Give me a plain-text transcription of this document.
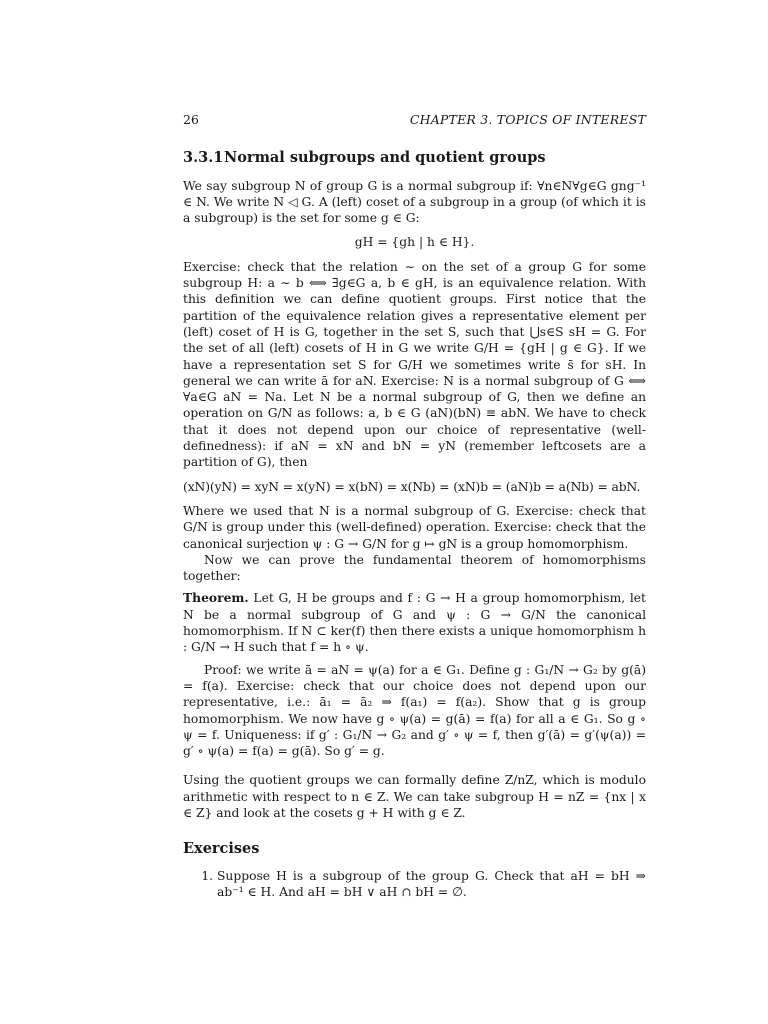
26	CHAPTER 3. TOPICS OF INTEREST
3.3.1Normal subgroups and quotient groups

We say subgroup N of group G is a normal subgroup if: ∀n∈N∀g∈G gng⁻¹ ∈ N. We write N ◁ G. A (left) coset of a subgroup in a group (of which it is a subgroup) is the set for some g ∈ G:

gH = {gh | h ∈ H}.

Exercise: check that the relation ∼ on the set of a group G for some subgroup H: a ∼ b ⟺ ∃g∈G a, b ∈ gH, is an equivalence relation. With this definition we can define quotient groups. First notice that the partition of the equivalence relation gives a representative element per (left) coset of H is G, together in the set S, such that ⋃s∈S sH = G. For the set of all (left) cosets of H in G we write G/H = {gH | g ∈ G}. If we have a representation set S for G/H we sometimes write s̄ for sH. In general we can write ā for aN. Exercise: N is a normal subgroup of G ⟺ ∀a∈G aN = Na. Let N be a normal subgroup of G, then we define an operation on G/N as follows: a, b ∈ G (aN)(bN) ≡ abN. We have to check that it does not depend upon our choice of representative (well-definedness): if aN = xN and bN = yN (remember leftcosets are a partition of G), then

(xN)(yN) = xyN = x(yN) = x(bN) = x(Nb) = (xN)b = (aN)b = a(Nb) = abN.

Where we used that N is a normal subgroup of G. Exercise: check that G/N is group under this (well-defined) operation. Exercise: check that the canonical surjection ψ : G → G/N for g ↦ gN is a group homomorphism.

Now we can prove the fundamental theorem of homomorphisms together:

Theorem. Let G, H be groups and f : G → H a group homomorphism, let N be a normal subgroup of G and ψ : G → G/N the canonical homomorphism. If N ⊂ ker(f) then there exists a unique homomorphism h : G/N → H such that f = h ∘ ψ.

Proof: we write ā = aN = ψ(a) for a ∈ G₁. Define g : G₁/N → G₂ by g(ā) = f(a). Exercise: check that our choice does not depend upon our representative, i.e.: ā₁ = ā₂ ⇒ f(a₁) = f(a₂). Show that g is group homomorphism. We now have g ∘ ψ(a) = g(ā) = f(a) for all a ∈ G₁. So g ∘ ψ = f. Uniqueness: if g′ : G₁/N → G₂ and g′ ∘ ψ = f, then g′(ā) = g′(ψ(a)) = g′ ∘ ψ(a) = f(a) = g(ā). So g′ = g.

Using the quotient groups we can formally define Z/nZ, which is modulo arithmetic with respect to n ∈ Z. We can take subgroup H = nZ = {nx | x ∈ Z} and look at the cosets g + H with g ∈ Z.

Exercises
1. Suppose H is a subgroup of the group G. Check that aH = bH ⇒ ab⁻¹ ∈ H. And aH = bH ∨ aH ∩ bH = ∅.
